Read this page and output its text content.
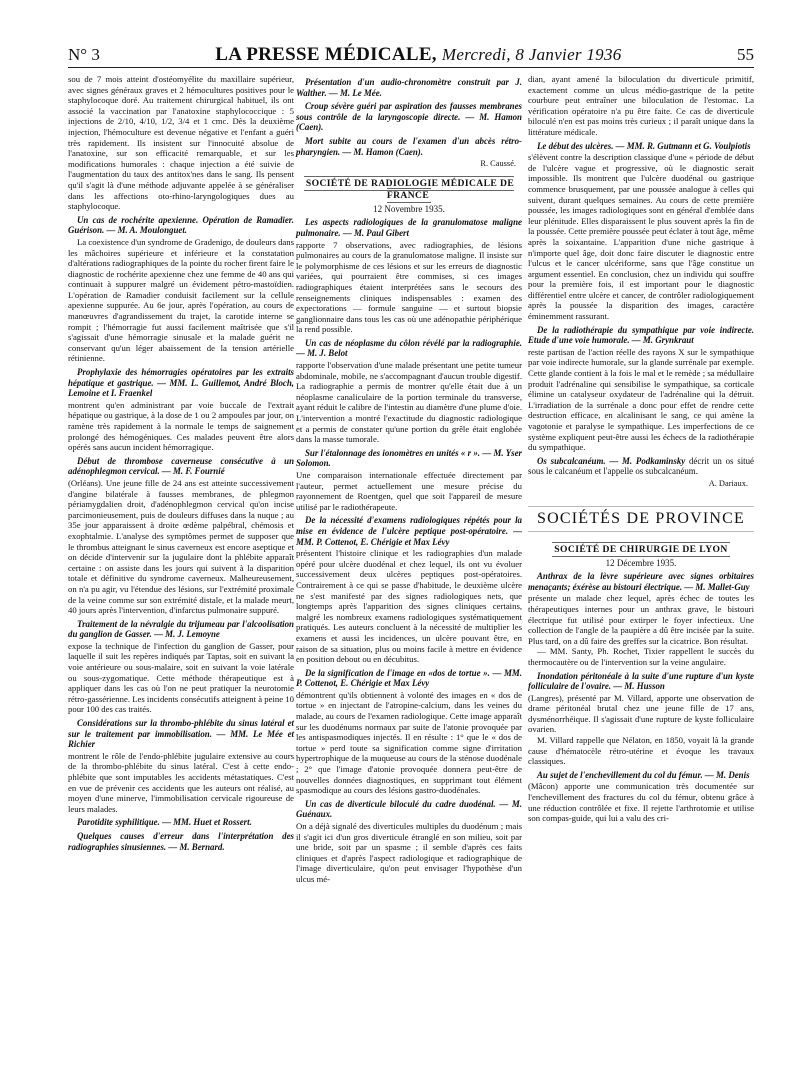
N° 3	LA PRESSE MÉDICALE, Mercredi, 8 Janvier 1936	55

sou de 7 mois atteint d'ostéomyélite du maxillaire supérieur, avec signes généraux graves et 2 hémocultures positives pour le staphylocoque doré. Au traitement chirurgical habituel, ils ont associé la vaccination par l'anatoxine staphylococcique : 5 injections de 2/10, 4/10, 1/2, 3/4 et 1 cmc. Dès la deuxième injection, l'hémoculture est devenue négative et l'enfant a guéri très rapidement. Ils insistent sur l'innocuité absolue de l'anatoxine, sur son efficacité remarquable, et sur les modifications humorales : chaque injection a été suivie de l'augmentation du taux des antitox'nes dans le sang. Ils pensent qu'il s'agit là d'une méthode adjuvante appelée à se généraliser dans les affections oto-rhino-laryngologiques dues au staphylocoque.

Un cas de rochérite apexienne. Opération de Ramadier. Guérison. — M. A. Moulonguet.

La coexistence d'un syndrome de Gradenigo, de douleurs dans les mâchoires supérieure et inférieure et la constatation d'altérations radiographiques de la pointe du rocher firent faire le diagnostic de rochérite apexienne chez une femme de 40 ans qui continuait à suppurer malgré un évidement pétro-mastoïdien. L'opération de Ramadier conduisit facilement sur la cellule apexienne suppurée. Au 6e jour, après l'opération, au cours de manœuvres d'agrandissement du trajet, la carotide interne se rompit ; l'hémorragie fut aussi facilement maîtrisée que s'il s'agissait d'une hémorragie sinusale et la malade guérit ne conservant qu'un léger abaissement de la tension artérielle rétinienne.

Prophylaxie des hémorragies opératoires par les extraits hépatique et gastrique. — MM. L. Guillemot, André Bloch, Lemoine et I. Fraenkel

montrent qu'en administrant par voie buccale de l'extrait hépatique ou gastrique, à la dose de 1 ou 2 ampoules par jour, on ramène très rapidement à la normale le temps de saignement prolongé des hémogéniques. Ces malades peuvent être alors opérés sans aucun incident hémorragique.

Début de thrombose caverneuse consécutive à un adénophlegmon cervical. — M. F. Fournié

(Orléans). Une jeune fille de 24 ans est atteinte successivement d'angine bilatérale à fausses membranes, de phlegmon périamygdalien droit, d'adénophlegmon cervical qu'on incise parcimonieusement, puis de douleurs diffuses dans la nuque ; au 35e jour apparaissent à droite œdème palpébral, chémosis et exophtalmie. L'analyse des symptômes permet de supposer que le thrombus atteignant le sinus caverneux est encore aseptique et on décide d'intervenir sur la jugulaire dont la phlébite apparaît certaine : on assiste dans les jours qui suivent à la disparition totale et définitive du syndrome caverneux. Malheureusement, on n'a pu agir, vu l'étendue des lésions, sur l'extrémité proximale de la veine comme sur son extrémité distale, et la malade meurt, 40 jours après l'intervention, d'infarctus pulmonaire suppuré.

Traitement de la névralgie du trijumeau par l'alcoolisation du ganglion de Gasser. — M. J. Lemoyne

expose la technique de l'infection du ganglion de Gasser, pour laquelle il suit les repères indiqués par Taptas, soit en suivant la voie antérieure ou sous-malaire, soit en suivant la voie latérale ou sous-zygomatique. Cette méthode thérapeutique est à appliquer dans les cas où l'on ne peut pratiquer la neurotomie rétro-gassérienne. Les incidents consécutifs atteignent à peine 10 pour 100 des cas traités.

Considérations sur la thrombo-phlébite du sinus latéral et sur le traitement par immobilisation. — MM. Le Mée et Richier

montrent le rôle de l'endo-phlébite jugulaire extensive au cours de la thrombo-phlébite du sinus latéral. C'est à cette endo-phlébite que sont imputables les accidents métastatiques. C'est en vue de prévenir ces accidents que les auteurs ont réalisé, au moyen d'une minerve, l'immobilisation cervicale rigoureuse de leurs malades.

Parotidite syphilitique. — MM. Huet et Rossert.
Quelques causes d'erreur dans l'interprétation des radiographies sinusiennes. — M. Bernard.
Présentation d'un audio-chronomètre construit par J. Walther. — M. Le Mée.
Croup sévère guéri par aspiration des fausses membranes sous contrôle de la laryngoscopie directe. — M. Hamon (Caen).
Mort subite au cours de l'examen d'un abcès rétro-pharyngien. — M. Hamon (Caen).
R. Caussé.
SOCIÉTÉ DE RADIOLOGIE MÉDICALE DE FRANCE
12 Novembre 1935.
Les aspects radiologiques de la granulomatose maligne pulmonaire. — M. Paul Gibert

rapporte 7 observations, avec radiographies, de lésions pulmonaires au cours de la granulomatose maligne. Il insiste sur le polymorphisme de ces lésions et sur les erreurs de diagnostic variées, qui pourraient être commises, si ces images radiographiques étaient interprétées sans le secours des renseignements cliniques indispensables : examen des expectorations — formule sanguine — et surtout biopsie ganglionnaire dans tous les cas où une adénopathie périphérique la rend possible.

Un cas de néoplasme du côlon révélé par la radiographie. — M. J. Belot

rapporte l'observation d'une malade présentant une petite tumeur abdominale, mobile, ne s'accompagnant d'aucun trouble digestif. La radiographie a permis de montrer qu'elle était due à un néoplasme canaliculaire de la portion terminale du transverse, ayant réduit le calibre de l'intestin au diamètre d'une plume d'oie. L'intervention a montré l'exactitude du diagnostic radiologique et a permis de constater qu'une portion du grêle était englobée dans la masse tumorale.

Sur l'étalonnage des ionomètres en unités « r ». — M. Yser Solomon.

Une comparaison internationale effectuée directement par l'auteur, permet actuellement une mesure précise du rayonnement de Roentgen, quel que soit l'appareil de mesure utilisé par le radiothérapeute.

De la nécessité d'examens radiologiques répétés pour la mise en évidence de l'ulcère peptique post-opératoire. — MM. P. Cottenot, E. Chérigie et Max Lévy

présentent l'histoire clinique et les radiographies d'un malade opéré pour ulcère duodénal et chez lequel, ils ont vu évoluer successivement deux ulcères peptiques post-opératoires. Contrairement à ce qui se passe d'habitude, le deuxième ulcère ne s'est manifesté par des signes radiologiques nets, que longtemps après l'apparition des signes cliniques certains, malgré les nombreux examens radiologiques systématiquement pratiqués. Les auteurs concluent à la nécessité de multiplier les examens et aussi les incidences, un ulcère pouvant être, en raison de sa situation, plus ou moins facile à mettre en évidence en position debout ou en décubitus.

De la signification de l'image en «dos de tortue ». — MM. P. Cottenot, E. Chérigie et Max Lévy

démontrent qu'ils obtiennent à volonté des images en « dos de tortue » en injectant de l'atropine-calcium, dans les veines du malade, au cours de l'examen radiologique. Cette image apparaît sur les duodénums normaux par suite de l'atonie provoquée par les antispasmodiques injectés. Il en résulte : 1° que le « dos de tortue » perd toute sa signification comme signe d'irritation hypertrophique de la muqueuse au cours de la sténose duodénale ; 2° que l'image d'atonie provoquée donnera peut-être de nouvelles données diagnostiques, en supprimant tout élément spasmodique au cours des lésions gastro-duodénales.

Un cas de diverticule biloculé du cadre duodénal. — M. Guénaux.

On a déjà signalé des diverticules multiples du duodénum ; mais il s'agit ici d'un gros diverticule étranglé en son milieu, soit par une bride, soit par un spasme ; il semble d'après ces faits cliniques et d'après l'aspect radiologique et radiographique de l'image diverticulaire, qu'on peut envisager l'hypothèse d'un ulcus mé-

dian, ayant amené la biloculation du diverticule primitif, exactement comme un ulcus médio-gastrique de la petite courbure peut entraîner une biloculation de l'estomac. La vérification opératoire n'a pu être faite. Ce cas de diverticule biloculé n'en est pas moins très curieux ; il paraît unique dans la littérature médicale.

Le début des ulcères. — MM. R. Gutmann et G. Voulpiotis

s'élèvent contre la description classique d'une « période de début de l'ulcère vague et progressive, où le diagnostic serait impossible. Ils montrent que l'ulcère duodénal ou gastrique commence brusquement, par une poussée analogue à celles qui suivent, durant quelques semaines. Au cours de cette première poussée, les images radiologiques sont en général d'emblée dans leur plénitude. Elles disparaissent le plus souvent après la fin de la poussée. Cette première poussée peut éclater à tout âge, même après la soixantaine. L'apparition d'une niche gastrique à n'importe quel âge, doit donc faire discuter le diagnostic entre l'ulcus et le cancer ulcériforme, sans que l'âge constitue un argument essentiel. En conclusion, chez un individu qui souffre pour la première fois, il est important pour le diagnostic différentiel entre ulcère et cancer, de contrôler radiologiquement après la poussée la disparition des images, caractère éminemment rassurant.

De la radiothérapie du sympathique par voie indirecte. Etude d'une voie humorale. — M. Grynkraut

reste partisan de l'action réelle des rayons X sur le sympathique par voie indirecte humorale, sur la glande surrénale par exemple. Cette glande contient à la fois le mal et le remède ; sa médullaire produit l'adrénaline qui sensibilise le sympathique, sa corticale élimine un catalyseur oxydateur de l'adrénaline qui la détruit. L'irradiation de la surrénale a donc pour effet de rendre cette destruction efficace, en alcalinisant le sang, ce qui amène la vagotonie et paralyse le sympathique. Les imperfections de ce système expliquent peut-être aussi les échecs de la radiothérapie du sympathique.

Os subcalcanéum. — M. Podkaminsky décrit un os situé sous le calcanéum et l'appelle os subcalcanéum.
A. Dariaux.
SOCIÉTÉS DE PROVINCE
SOCIÉTÉ DE CHIRURGIE DE LYON
12 Décembre 1935.
Anthrax de la lèvre supérieure avec signes orbitaires menaçants; éxérèse au bistouri électrique. — M. Mallet-Guy

présente un malade chez lequel, après échec de toutes les thérapeutiques internes pour un anthrax grave, le bistouri électrique fut utilisé pour extirper le foyer infectieux. Une collection de l'angle de la paupière a dû être incisée par la suite. Plus tard, on a dû faire des greffes sur la cicatrice. Bon résultat.

— MM. Santy, Ph. Rochet, Tixier rappellent le succès du thermocautère ou de l'intervention sur la veine angulaire.

Inondation péritonéale à la suite d'une rupture d'un kyste folliculaire de l'ovaire. — M. Husson

(Langres), présenté par M. Villard, apporte une observation de drame péritonéal brutal chez une jeune fille de 17 ans, dysménorrhéique. Il s'agissait d'une rupture de kyste folliculaire ovarien.

M. Villard rappelle que Nélaton, en 1850, voyait là la grande cause d'hématocèle rétro-utérine et évoque les travaux classiques.

Au sujet de l'enchevillement du col du fémur. — M. Denis

(Mâcon) apporte une communication très documentée sur l'enchevillement des fractures du col du fémur, obtenu grâce à une réduction contrôlée et fixe. Il rejette l'arthrotomie et utilise son compas-guide, qui lui a valu des cri-
